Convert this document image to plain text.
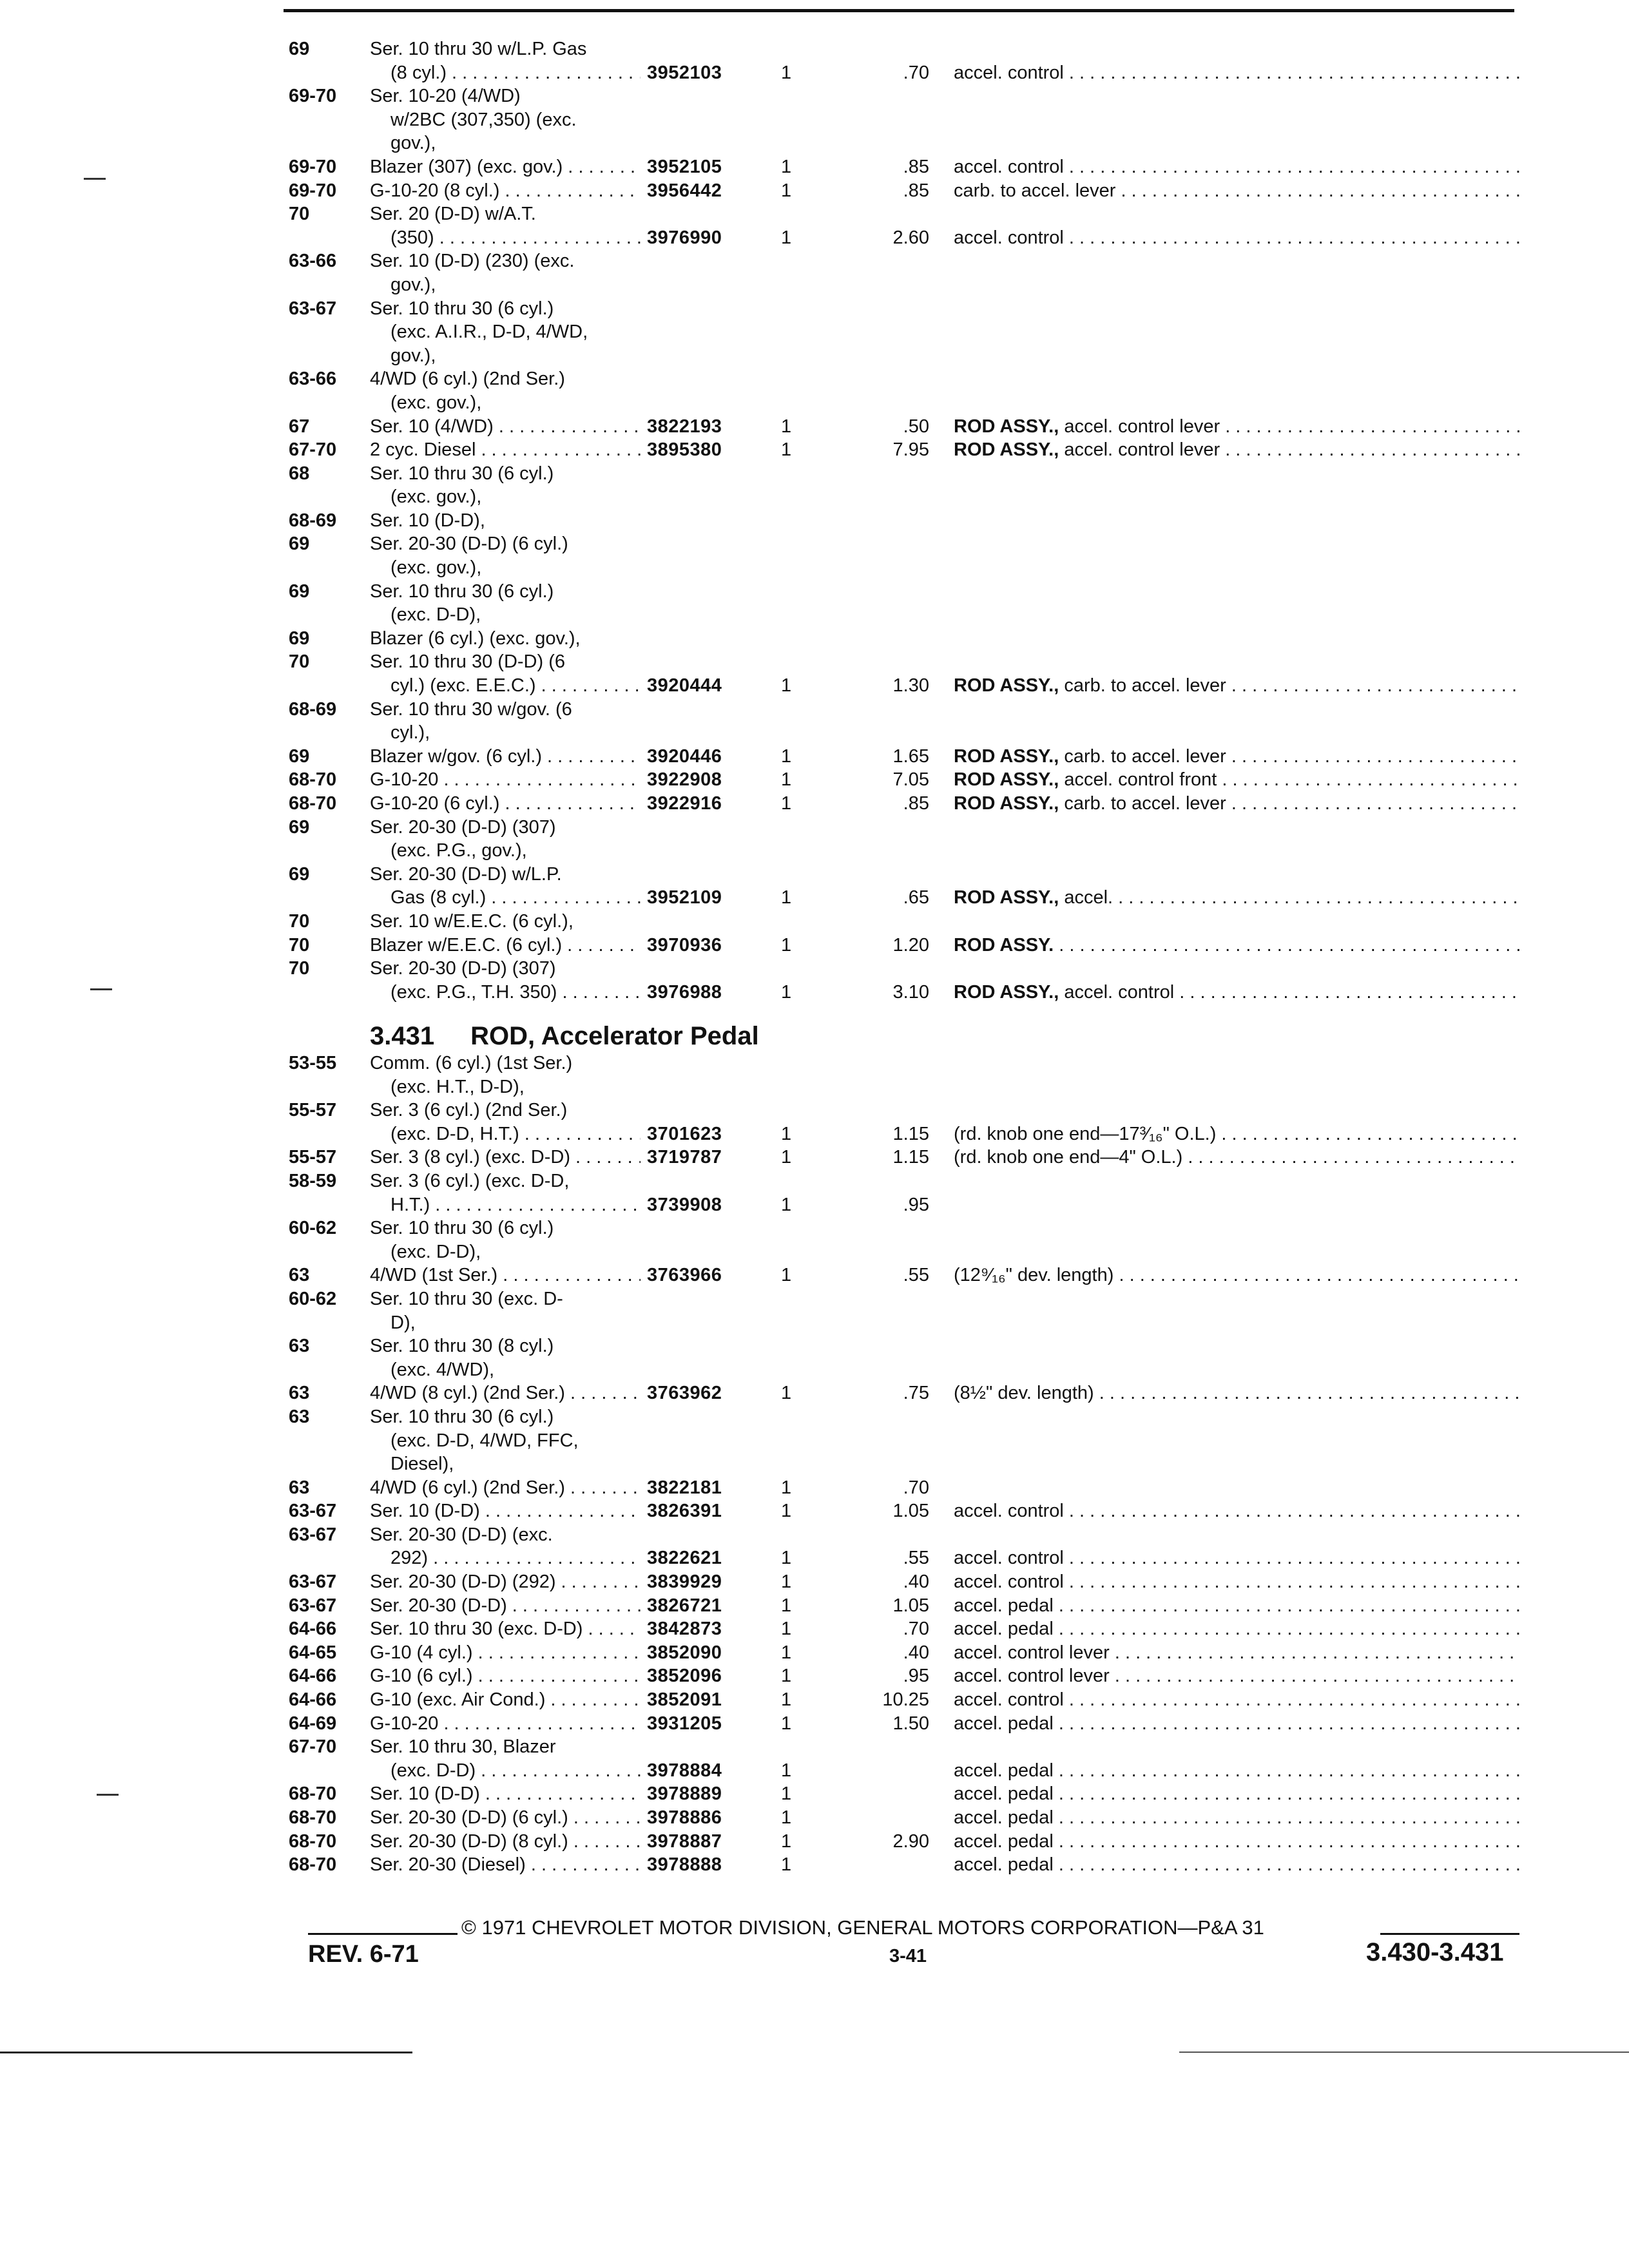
69	Ser. 10 thru 30 w/L.P. Gas
(8 cyl.) . . .	3952103	1	.70 accel. control . . .
69-70 Ser. 10-20 (4/WD)
w/2BC (307,350) (exc.
gov.),
69-70 Blazer (307) (exc. gov.) . . .	3952105	1	.85 accel. control . . .
69-70 G-10-20 (8 cyl.) . . .	3956442	1	.85 carb. to accel. lever . . .
70	Ser. 20 (D-D) w/A.T.
(350) . . .	3976990	1	2.60 accel. control . . .
63-66 Ser. 10 (D-D) (230) (exc.
gov.),
63-67 Ser. 10 thru 30 (6 cyl.)
(exc. A.I.R., D-D, 4/WD,
gov.),
63-66 4/WD (6 cyl.) (2nd Ser.)
(exc. gov.),
67	Ser. 10 (4/WD) . . .	3822193	1	.50 ROD ASSY., accel. control lever . . .
67-70 2 cyc. Diesel . . .	3895380	1	7.95 ROD ASSY., accel. control lever . . .
68	Ser. 10 thru 30 (6 cyl.)
(exc. gov.),
68-69 Ser. 10 (D-D),
69	Ser. 20-30 (D-D) (6 cyl.)
(exc. gov.),
69	Ser. 10 thru 30 (6 cyl.)
(exc. D-D),
69	Blazer (6 cyl.) (exc. gov.),
70	Ser. 10 thru 30 (D-D) (6
cyl.) (exc. E.E.C.) . . .	3920444	1	1.30 ROD ASSY., carb. to accel. lever . . .
68-69 Ser. 10 thru 30 w/gov. (6
cyl.),
69	Blazer w/gov. (6 cyl.) . . .	3920446	1	1.65 ROD ASSY., carb. to accel. lever . . .
68-70 G-10-20 . . .	3922908	1	7.05 ROD ASSY., accel. control front . . .
68-70 G-10-20 (6 cyl.) . . .	3922916	1	.85 ROD ASSY., carb. to accel. lever . . .
69	Ser. 20-30 (D-D) (307)
(exc. P.G., gov.),
69	Ser. 20-30 (D-D) w/L.P.
Gas (8 cyl.) . . .	3952109	1	.65 ROD ASSY., accel. . . .
70	Ser. 10 w/E.E.C. (6 cyl.),
70	Blazer w/E.E.C. (6 cyl.) . . .	3970936	1	1.20 ROD ASSY. . . .
70	Ser. 20-30 (D-D) (307)
(exc. P.G., T.H. 350) . . .	3976988	1	3.10 ROD ASSY., accel. control . . .
3.431 ROD, Accelerator Pedal
53-55 Comm. (6 cyl.) (1st Ser.)
(exc. H.T., D-D),
55-57 Ser. 3 (6 cyl.) (2nd Ser.)
(exc. D-D, H.T.) . . .	3701623	1	1.15 (rd. knob one end—17³⁄₁₆" O.L.) . . .
55-57 Ser. 3 (8 cyl.) (exc. D-D) . . .	3719787	1	1.15 (rd. knob one end—4" O.L.) . . .
58-59 Ser. 3 (6 cyl.) (exc. D-D,
H.T.) . . .	3739908	1	.95
60-62 Ser. 10 thru 30 (6 cyl.)
(exc. D-D),
63	4/WD (1st Ser.) . . .	3763966	1	.55 (12⁹⁄₁₆" dev. length) . . .
60-62 Ser. 10 thru 30 (exc. D-
D),
63	Ser. 10 thru 30 (8 cyl.)
(exc. 4/WD),
63	4/WD (8 cyl.) (2nd Ser.) . . .	3763962	1	.75 (8½" dev. length) . . .
63	Ser. 10 thru 30 (6 cyl.)
(exc. D-D, 4/WD, FFC,
Diesel),
63	4/WD (6 cyl.) (2nd Ser.) . . .	3822181	1	.70
63-67 Ser. 10 (D-D) . . .	3826391	1	1.05 accel. control . . .
63-67 Ser. 20-30 (D-D) (exc.
292) . . .	3822621	1	.55 accel. control . . .
63-67 Ser. 20-30 (D-D) (292) . . .	3839929	1	.40 accel. control . . .
63-67 Ser. 20-30 (D-D) . . .	3826721	1	1.05 accel. pedal . . .
64-66 Ser. 10 thru 30 (exc. D-D) . . .	3842873	1	.70 accel. pedal . . .
64-65 G-10 (4 cyl.) . . .	3852090	1	.40 accel. control lever . . .
64-66 G-10 (6 cyl.) . . .	3852096	1	.95 accel. control lever . . .
64-66 G-10 (exc. Air Cond.) . . .	3852091	1	10.25 accel. control . . .
64-69 G-10-20 . . .	3931205	1	1.50 accel. pedal . . .
67-70 Ser. 10 thru 30, Blazer
(exc. D-D) . . .	3978884	1	accel. pedal . . .
68-70 Ser. 10 (D-D) . . .	3978889	1	accel. pedal . . .
68-70 Ser. 20-30 (D-D) (6 cyl.) . . .	3978886	1	accel. pedal . . .
68-70 Ser. 20-30 (D-D) (8 cyl.) . . .	3978887	1	2.90 accel. pedal . . .
68-70 Ser. 20-30 (Diesel) . . .	3978888	1	accel. pedal . . .
© 1971 CHEVROLET MOTOR DIVISION, GENERAL MOTORS CORPORATION—P&A 31
REV. 6-71	3-41	3.430-3.431
